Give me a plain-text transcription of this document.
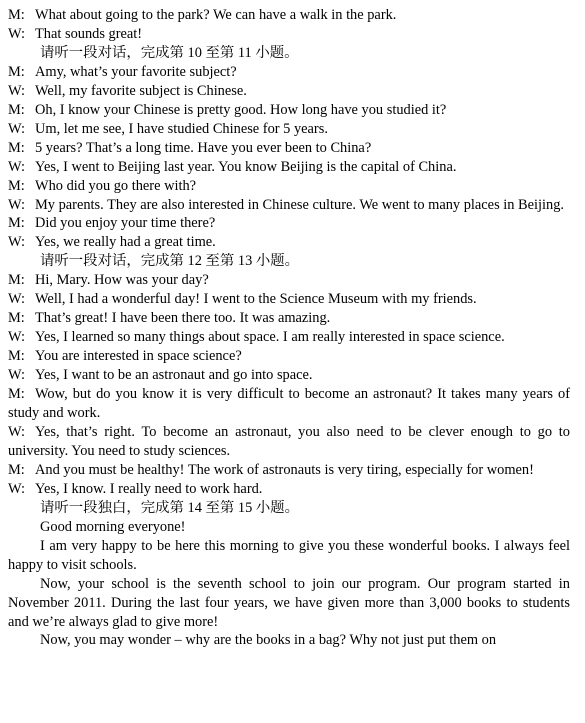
M: What about going to the park? We can have a walk in the park.
W: That sounds great!
请听一段对话，完成第 10 至第 11 小题。
M: Amy, what’s your favorite subject?
W: Well, my favorite subject is Chinese.
M: Oh, I know your Chinese is pretty good. How long have you studied it?
W: Um, let me see, I have studied Chinese for 5 years.
M: 5 years? That’s a long time. Have you ever been to China?
W: Yes, I went to Beijing last year. You know Beijing is the capital of China.
M: Who did you go there with?
W: My parents. They are also interested in Chinese culture. We went to many places in Beijing.
M: Did you enjoy your time there?
W: Yes, we really had a great time.
请听一段对话，完成第 12 至第 13 小题。
M: Hi, Mary. How was your day?
W: Well, I had a wonderful day! I went to the Science Museum with my friends.
M: That’s great! I have been there too. It was amazing.
W: Yes, I learned so many things about space. I am really interested in space science.
M: You are interested in space science?
W: Yes, I want to be an astronaut and go into space.
M: Wow, but do you know it is very difficult to become an astronaut? It takes many years of study and work.
W: Yes, that’s right. To become an astronaut, you also need to be clever enough to go to university. You need to study sciences.
M: And you must be healthy! The work of astronauts is very tiring, especially for women!
W: Yes, I know. I really need to work hard.
请听一段独白，完成第 14 至第 15 小题。
Good morning everyone!
I am very happy to be here this morning to give you these wonderful books. I always feel happy to visit schools.
Now, your school is the seventh school to join our program. Our program started in November 2011. During the last four years, we have given more than 3,000 books to students and we’re always glad to give more!
Now, you may wonder – why are the books in a bag? Why not just put them on
